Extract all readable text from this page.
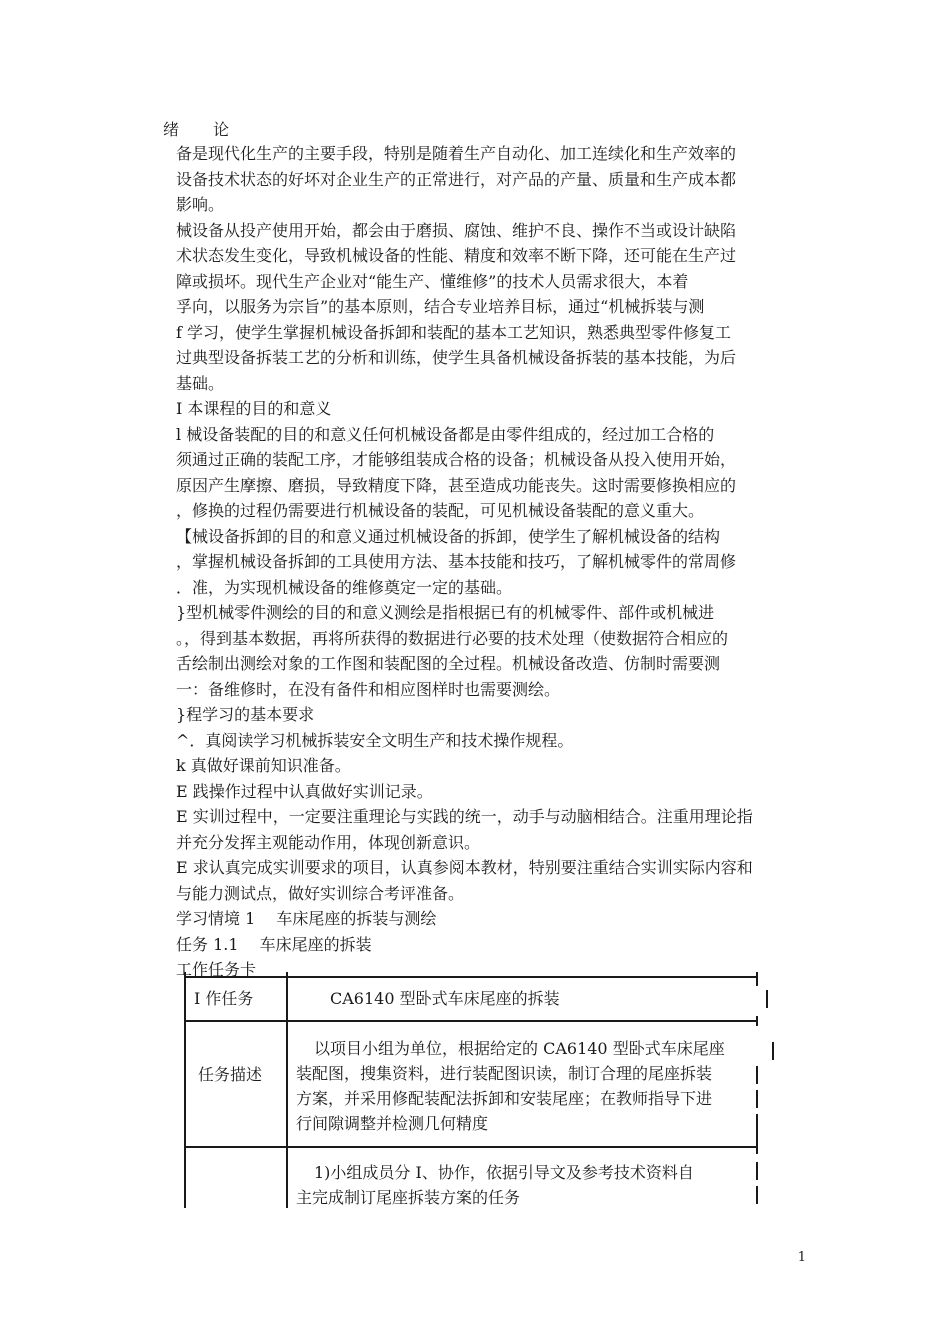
绪 论
备是现代化生产的主要手段，特别是随着生产自动化、加工连续化和生产效率的
设备技术状态的好坏对企业生产的正常进行，对产品的产量、质量和生产成本都
影响。
械设备从投产使用开始，都会由于磨损、腐蚀、维护不良、操作不当或设计缺陷
术状态发生变化，导致机械设备的性能、精度和效率不断下降，还可能在生产过
障或损坏。现代生产企业对“能生产、懂维修”的技术人员需求很大，本着
孚向，以服务为宗旨”的基本原则，结合专业培养目标，通过“机械拆装与测
f 学习，使学生掌握机械设备拆卸和装配的基本工艺知识，熟悉典型零件修复工
过典型设备拆装工艺的分析和训练，使学生具备机械设备拆装的基本技能，为后
基础。
I 本课程的目的和意义
l 械设备装配的目的和意义任何机械设备都是由零件组成的，经过加工合格的
须通过正确的装配工序，才能够组装成合格的设备；机械设备从投入使用开始，
原因产生摩擦、磨损，导致精度下降，甚至造成功能丧失。这时需要修换相应的
，修换的过程仍需要进行机械设备的装配，可见机械设备装配的意义重大。
【械设备拆卸的目的和意义通过机械设备的拆卸，使学生了解机械设备的结构
，掌握机械设备拆卸的工具使用方法、基本技能和技巧，了解机械零件的常周修
．准，为实现机械设备的维修奠定一定的基础。
}型机械零件测绘的目的和意义测绘是指根据已有的机械零件、部件或机械进
。，得到基本数据，再将所获得的数据进行必要的技术处理（使数据符合相应的
舌绘制出测绘对象的工作图和装配图的全过程。机械设备改造、仿制时需要测
一：备维修时，在没有备件和相应图样时也需要测绘。
}程学习的基本要求
^．真阅读学习机械拆装安全文明生产和技术操作规程。
k 真做好课前知识准备。
E 践操作过程中认真做好实训记录。
E 实训过程中，一定要注重理论与实践的统一，动手与动脑相结合。注重用理论指
并充分发挥主观能动作用，体现创新意识。
E 求认真完成实训要求的项目，认真参阅本教材，特别要注重结合实训实际内容和
与能力测试点，做好实训综合考评准备。
学习情境 1　 车床尾座的拆装与测绘
任务 1.1　 车床尾座的拆装
工作任务卡
I 作任务	CA6140 型卧式车床尾座的拆装
任务描述
以项目小组为单位，根据给定的 CA6140 型卧式车床尾座
装配图，搜集资料，进行装配图识读，制订合理的尾座拆装
方案，并采用修配装配法拆卸和安装尾座；在教师指导下进
行间隙调整并检测几何精度
1)小组成员分 I、协作，依据引导文及参考技术资料自
主完成制订尾座拆装方案的任务
1
